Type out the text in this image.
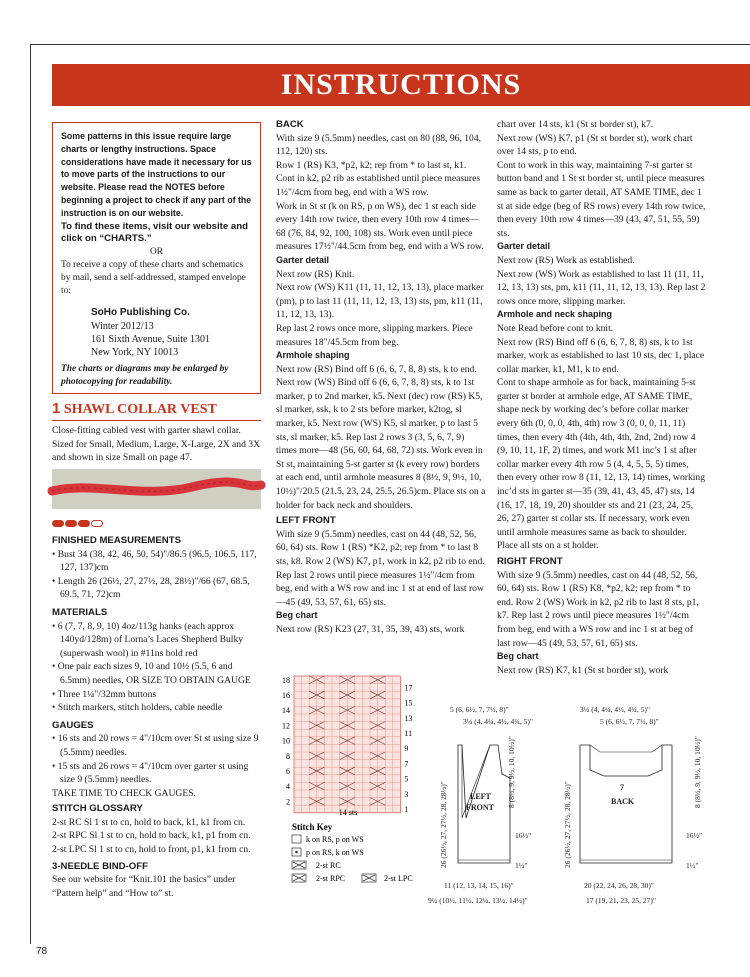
INSTRUCTIONS

Some patterns in this issue require large charts or lengthy instructions. Space considerations have made it necessary for us to move parts of the instructions to our website. Please read the NOTES before beginning a project to check if any part of the instruction is on our website.

To find these items, visit our website and click on “CHARTS.”

OR

To receive a copy of these charts and schematics by mail, send a self-addressed, stamped envelope to:

SoHo Publishing Co.

Winter 2012/13

161 Sixth Avenue, Suite 1301

New York, NY 10013

The charts or diagrams may be enlarged by photocopying for readability.

1 SHAWL COLLAR VEST

Close-fitting cabled vest with garter shawl collar. Sized for Small, Medium, Large, X-Large, 2X and 3X and shown in size Small on page 47.

FINISHED MEASUREMENTS

• Bust 34 (38, 42, 46, 50, 54)"/86.5 (96.5, 106.5, 117, 127, 137)cm

• Length 26 (26½, 27, 27½, 28, 28½)"/66 (67, 68.5, 69.5, 71, 72)cm

MATERIALS

• 6 (7, 7, 8, 9, 10) 4oz/113g hanks (each approx 140yd/128m) of Lorna’s Laces Shepherd Bulky (superwash wool) in #11ns bold red

• One pair each sizes 9, 10 and 10½ (5.5, 6 and 6.5mm) needles, OR SIZE TO OBTAIN GAUGE

• Three 1¼"/32mm buttons

• Stitch markers, stitch holders, cable needle

GAUGES

• 16 sts and 20 rows = 4"/10cm over St st using size 9 (5.5mm) needles.

• 15 sts and 26 rows = 4"/10cm over garter st using size 9 (5.5mm) needles.

TAKE TIME TO CHECK GAUGES.

STITCH GLOSSARY

2-st RC Sl 1 st to cn, hold to back, k1, k1 from cn.

2-st RPC Sl 1 st to cn, hold to back, k1, p1 from cn.

2-st LPC Sl 1 st to cn, hold to front, p1, k1 from cn.

3-NEEDLE BIND-OFF

See our website for “Knit.101 the basics” under “Pattern help” and “How to” st.

BACK

With size 9 (5.5mm) needles, cast on 80 (88, 96, 104, 112, 120) sts.

Row 1 (RS) K3, *p2, k2; rep from * to last st, k1. Cont in k2, p2 rib as established until piece measures 1½"/4cm from beg, end with a WS row.

Work in St st (k on RS, p on WS), dec 1 st each side every 14th row twice, then every 10th row 4 times—68 (76, 84, 92, 100, 108) sts. Work even until piece measures 17½"/44.5cm from beg, end with a WS row.

Garter detail

Next row (RS) Knit.

Next row (WS) K11 (11, 11, 12, 13, 13), place marker (pm), p to last 11 (11, 11, 12, 13, 13) sts, pm, k11 (11, 11, 12, 13, 13).

Rep last 2 rows once more, slipping markers. Piece measures 18"/45.5cm from beg.

Armhole shaping

Next row (RS) Bind off 6 (6, 6, 7, 8, 8) sts, k to end. Next row (WS) Bind off 6 (6, 6, 7, 8, 8) sts, k to 1st marker, p to 2nd marker, k5. Next (dec) row (RS) K5, sl marker, ssk, k to 2 sts before marker, k2tog, sl marker, k5. Next row (WS) K5, sl marker, p to last 5 sts, sl marker, k5. Rep last 2 rows 3 (3, 5, 6, 7, 9) times more—48 (56, 60, 64, 68, 72) sts. Work even in St st, maintaining 5-st garter st (k every row) borders at each end, until armhole measures 8 (8½, 9, 9½, 10, 10½)"/20.5 (21.5, 23, 24, 25.5, 26.5)cm. Place sts on a holder for back neck and shoulders.

LEFT FRONT

With size 9 (5.5mm) needles, cast on 44 (48, 52, 56, 60, 64) sts. Row 1 (RS) *K2, p2; rep from * to last 8 sts, k8. Row 2 (WS) K7, p1, work in k2, p2 rib to end. Rep last 2 rows until piece measures 1½"/4cm from beg, end with a WS row and inc 1 st at end of last row—45 (49, 53, 57, 61, 65) sts.

Beg chart

Next row (RS) K23 (27, 31, 35, 39, 43) sts, work

chart over 14 sts, k1 (St st border st), k7.

Next row (WS) K7, p1 (St st border st), work chart over 14 sts, p to end.

Cont to work in this way, maintaining 7-st garter st button band and 1 St st border st, until piece measures same as back to garter detail, AT SAME TIME, dec 1 st at side edge (beg of RS rows) every 14th row twice, then every 10th row 4 times—39 (43, 47, 51, 55, 59) sts.

Garter detail

Next row (RS) Work as established.

Next row (WS) Work as established to last 11 (11, 11, 12, 13, 13) sts, pm, k11 (11, 11, 12, 13, 13). Rep last 2 rows once more, slipping marker.

Armhole and neck shaping

Note Read before cont to knit.

Next row (RS) Bind off 6 (6, 6, 7, 8, 8) sts, k to 1st marker, work as established to last 10 sts, dec 1, place collar marker, k1, M1, k to end.

Cont to shape armhole as for back, maintaining 5-st garter st border at armhole edge, AT SAME TIME, shape neck by working dec’s before collar marker every 6th (0, 0, 0, 4th, 4th) row 3 (0, 0, 0, 11, 11) times, then every 4th (4th, 4th, 4th, 2nd, 2nd) row 4 (9, 10, 11, 1F, 2) times, and work M1 inc’s 1 st after collar marker every 4th row 5 (4, 4, 5, 5, 5) times, then every other row 8 (11, 12, 13, 14) times, working inc’d sts in garter st—35 (39, 41, 43, 45, 47) sts, 14 (16, 17, 18, 19, 20) shoulder sts and 21 (23, 24, 25, 26, 27) garter st collar sts. If necessary, work even until armhole measures same as back to shoulder. Place all sts on a st holder.

RIGHT FRONT

With size 9 (5.5mm) needles, cast on 44 (48, 52, 56, 60, 64) sts. Row 1 (RS) K8, *p2, k2; rep from * to end. Row 2 (WS) Work in k2, p2 rib to last 8 sts, p1, k7. Rep last 2 rows until piece measures 1½"/4cm from beg, end with a WS row and inc 1 st at beg of last row—45 (49, 53, 57, 61, 65) sts.

Beg chart

Next row (RS) K7, k1 (St st border st), work

18
16
14
12
10
8
6
4
2
17
15
13
11
9
7
5
3
1
14 sts
Stitch Key
k on RS, p on WS
p on RS, k on WS
2-st RC
2-st RPC	2-st LPC
5 (6, 6½, 7, 7½, 8)"
3½ (4, 4¼, 4½, 4¾, 5)"
LEFT
FRONT
16½"
1½"
11 (12, 13, 14, 15, 16)"
9½ (10½, 11½, 12½, 13½, 14½)"
26 (26½, 27, 27½, 28, 28½)"
8 (8½, 9, 9½, 10, 10½)"
3½ (4, 4¼, 4½, 4¾, 5)"
5 (6, 6½, 7, 7½, 8)"
7
BACK
16½"
1½"
20 (22, 24, 26, 28, 30)"
17 (19, 21, 23, 25, 27)"
26 (26½, 27, 27½, 28, 28½)"
8 (8½, 9, 9½, 10, 10½)"
78
